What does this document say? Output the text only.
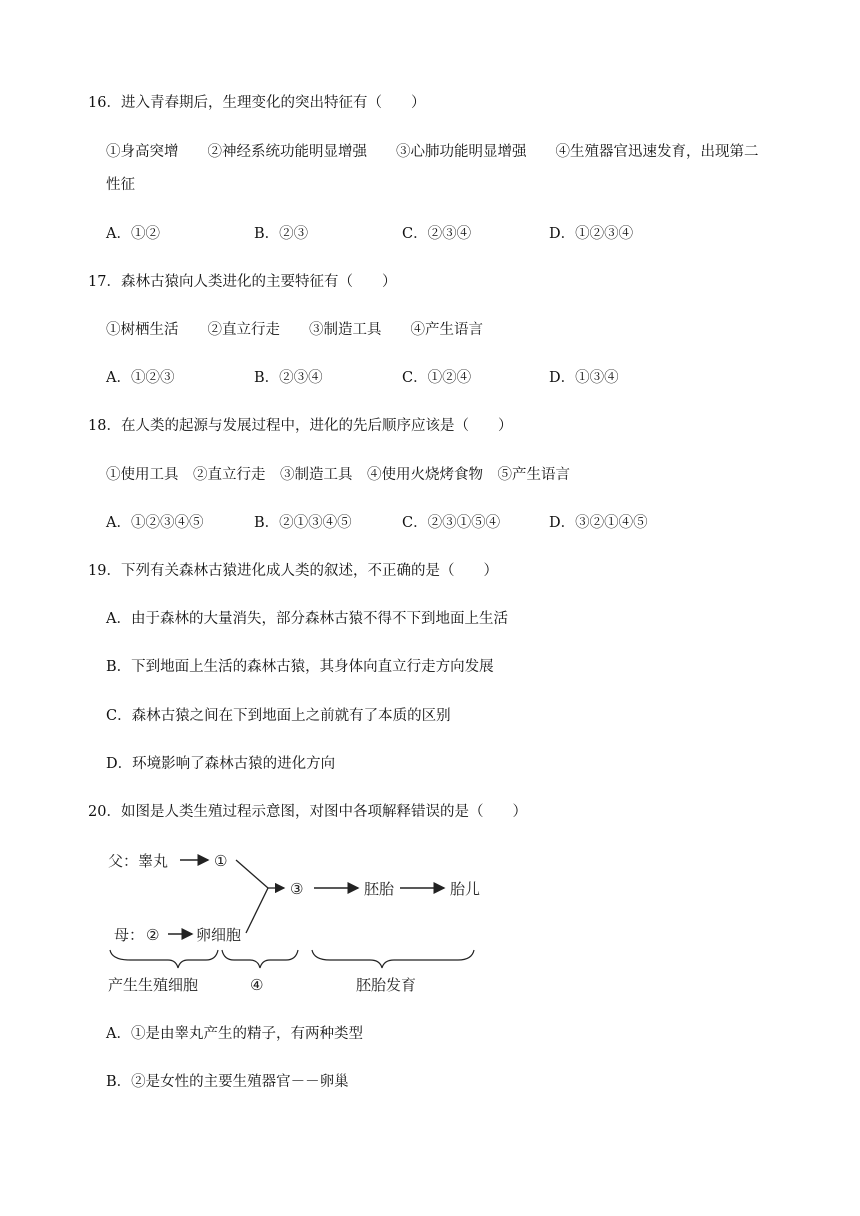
16．进入青春期后，生理变化的突出特征有（　　）
①身高突增　　②神经系统功能明显增强　　③心肺功能明显增强　　④生殖器官迅速发育，出现第二
性征
A．①②	B．②③	C．②③④	D．①②③④
17．森林古猿向人类进化的主要特征有（　　）
①树栖生活　　②直立行走　　③制造工具　　④产生语言
A．①②③	B．②③④	C．①②④	D．①③④
18．在人类的起源与发展过程中，进化的先后顺序应该是（　　）
①使用工具　②直立行走　③制造工具　④使用火烧烤食物　⑤产生语言
A．①②③④⑤	B．②①③④⑤	C．②③①⑤④	D．③②①④⑤
19．下列有关森林古猿进化成人类的叙述，不正确的是（　　）
A．由于森林的大量消失，部分森林古猿不得不下到地面上生活
B．下到地面上生活的森林古猿，其身体向直立行走方向发展
C．森林古猿之间在下到地面上之前就有了本质的区别
D．环境影响了森林古猿的进化方向
20．如图是人类生殖过程示意图，对图中各项解释错误的是（　　）
父：睾丸	①
③	胚胎	胎儿
母： ② 卵细胞
产生生殖细胞	④	胚胎发育
A．①是由睾丸产生的精子，有两种类型
B．②是女性的主要生殖器官－－卵巢
